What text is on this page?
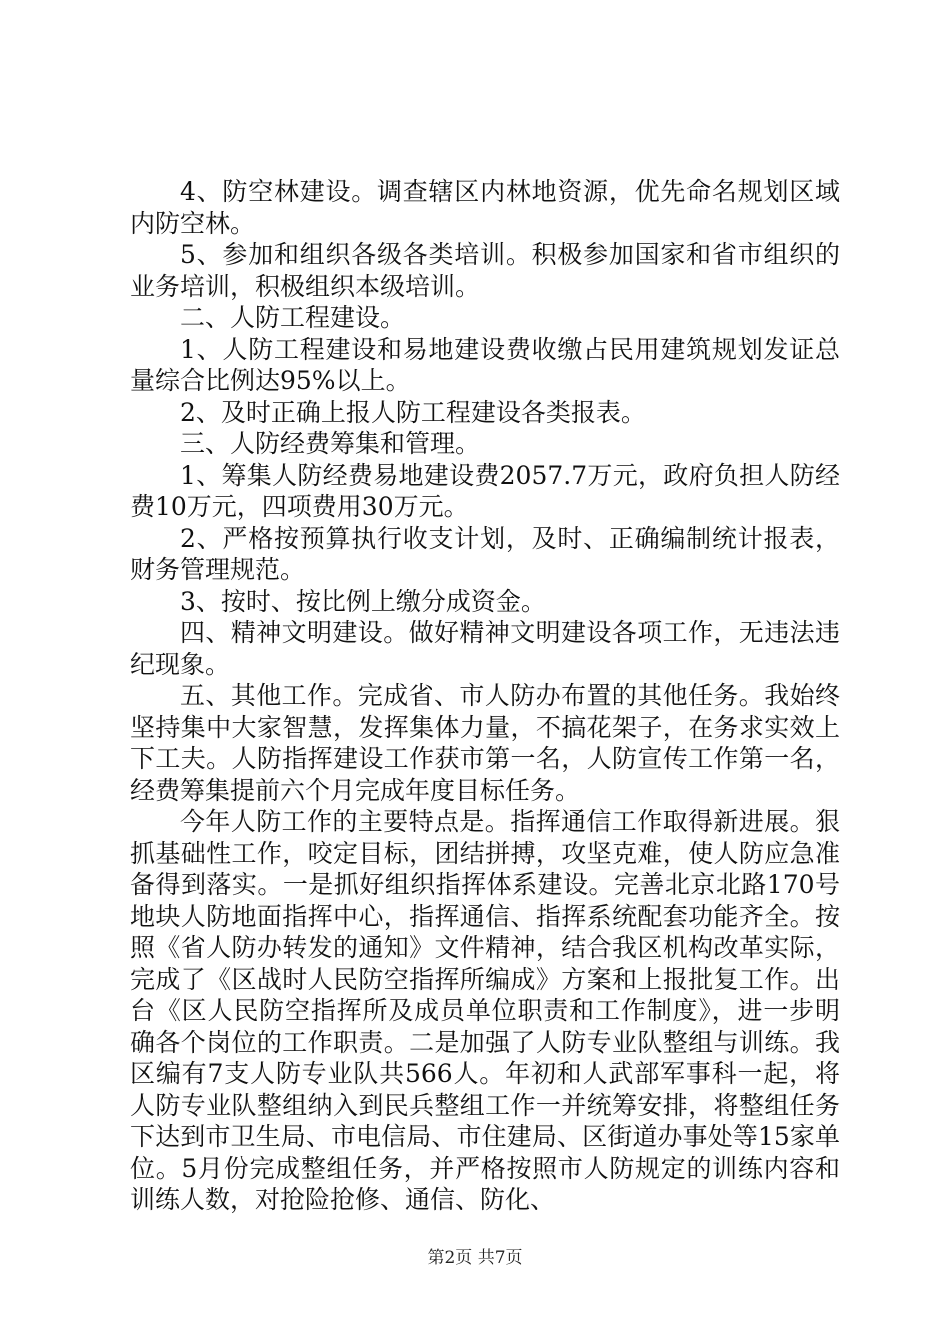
4、防空林建设。调查辖区内林地资源，优先命名规划区域内防空林。

5、参加和组织各级各类培训。积极参加国家和省市组织的业务培训，积极组织本级培训。

二、人防工程建设。

1、人防工程建设和易地建设费收缴占民用建筑规划发证总量综合比例达95%以上。

2、及时正确上报人防工程建设各类报表。

三、人防经费筹集和管理。

1、筹集人防经费易地建设费2057.7万元，政府负担人防经费10万元，四项费用30万元。

2、严格按预算执行收支计划，及时、正确编制统计报表，财务管理规范。

3、按时、按比例上缴分成资金。

四、精神文明建设。做好精神文明建设各项工作，无违法违纪现象。

五、其他工作。完成省、市人防办布置的其他任务。我始终坚持集中大家智慧，发挥集体力量，不搞花架子，在务求实效上下工夫。人防指挥建设工作获市第一名，人防宣传工作第一名，经费筹集提前六个月完成年度目标任务。

今年人防工作的主要特点是。指挥通信工作取得新进展。狠抓基础性工作，咬定目标，团结拼搏，攻坚克难，使人防应急准备得到落实。一是抓好组织指挥体系建设。完善北京北路170号地块人防地面指挥中心，指挥通信、指挥系统配套功能齐全。按照《省人防办转发的通知》文件精神，结合我区机构改革实际，完成了《区战时人民防空指挥所编成》方案和上报批复工作。出台《区人民防空指挥所及成员单位职责和工作制度》，进一步明确各个岗位的工作职责。二是加强了人防专业队整组与训练。我区编有7支人防专业队共566人。年初和人武部军事科一起，将人防专业队整组纳入到民兵整组工作一并统筹安排，将整组任务下达到市卫生局、市电信局、市住建局、区街道办事处等15家单位。5月份完成整组任务，并严格按照市人防规定的训练内容和训练人数，对抢险抢修、通信、防化、

第2页 共7页
